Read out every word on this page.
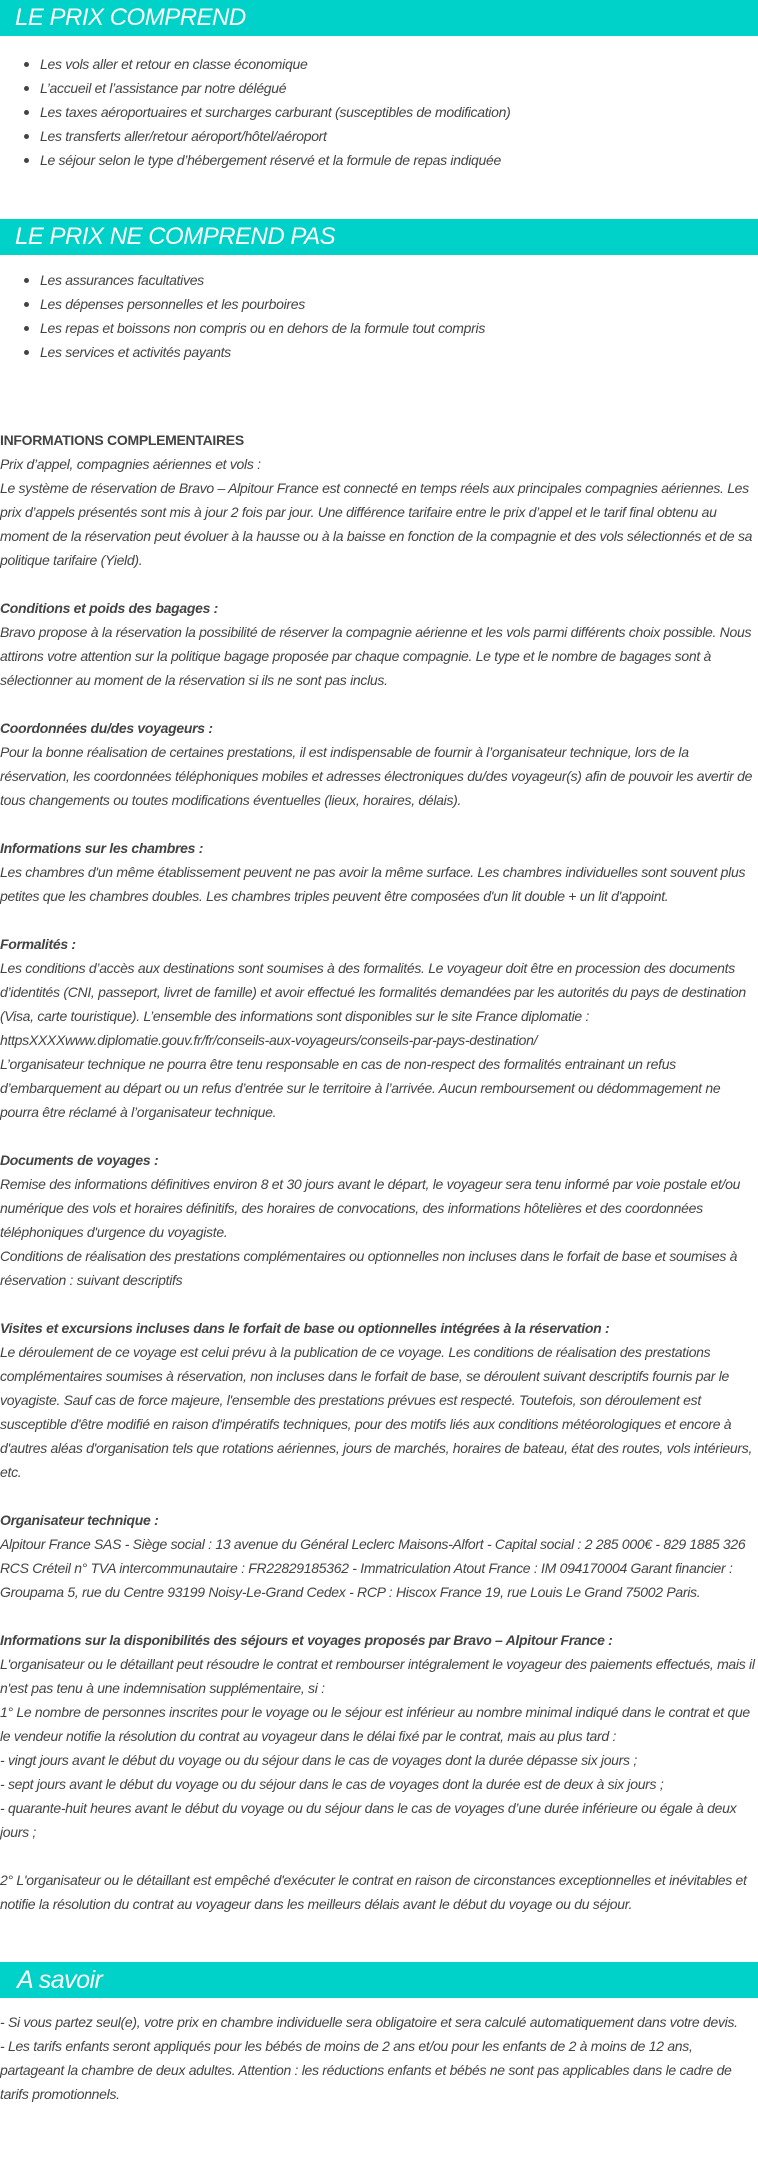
LE PRIX COMPREND
Les vols aller et retour en classe économique
L’accueil et l’assistance par notre délégué
Les taxes aéroportuaires et surcharges carburant (susceptibles de modification)
Les transferts aller/retour aéroport/hôtel/aéroport
Le séjour selon le type d’hébergement réservé et la formule de repas indiquée
LE PRIX NE COMPREND PAS
Les assurances facultatives
Les dépenses personnelles et les pourboires
Les repas et boissons non compris ou en dehors de la formule tout compris
Les services et activités payants

INFORMATIONS COMPLEMENTAIRES

Prix d’appel, compagnies aériennes et vols :

Le système de réservation de Bravo – Alpitour France est connecté en temps réels aux principales compagnies aériennes. Les prix d’appels présentés sont mis à jour 2 fois par jour. Une différence tarifaire entre le prix d’appel et le tarif final obtenu au moment de la réservation peut évoluer à la hausse ou à la baisse en fonction de la compagnie et des vols sélectionnés et de sa politique tarifaire (Yield).

Conditions et poids des bagages :

Bravo propose à la réservation la possibilité de réserver la compagnie aérienne et les vols parmi différents choix possible. Nous attirons votre attention sur la politique bagage proposée par chaque compagnie. Le type et le nombre de bagages sont à sélectionner au moment de la réservation si ils ne sont pas inclus.

Coordonnées du/des voyageurs :

Pour la bonne réalisation de certaines prestations, il est indispensable de fournir à l’organisateur technique, lors de la réservation, les coordonnées téléphoniques mobiles et adresses électroniques du/des voyageur(s) afin de pouvoir les avertir de tous changements ou toutes modifications éventuelles (lieux, horaires, délais).

Informations sur les chambres :

Les chambres d'un même établissement peuvent ne pas avoir la même surface. Les chambres individuelles sont souvent plus petites que les chambres doubles. Les chambres triples peuvent être composées d'un lit double + un lit d'appoint.

Formalités :

Les conditions d’accès aux destinations sont soumises à des formalités. Le voyageur doit être en procession des documents d’identités (CNI, passeport, livret de famille) et avoir effectué les formalités demandées par les autorités du pays de destination (Visa, carte touristique). L’ensemble des informations sont disponibles sur le site France diplomatie :

httpsXXXXwww.diplomatie.gouv.fr/fr/conseils-aux-voyageurs/conseils-par-pays-destination/

L’organisateur technique ne pourra être tenu responsable en cas de non-respect des formalités entrainant un refus d’embarquement au départ ou un refus d’entrée sur le territoire à l’arrivée. Aucun remboursement ou dédommagement ne pourra être réclamé à l’organisateur technique.

Documents de voyages :

Remise des informations définitives environ 8 et 30 jours avant le départ, le voyageur sera tenu informé par voie postale et/ou numérique des vols et horaires définitifs, des horaires de convocations, des informations hôtelières et des coordonnées téléphoniques d'urgence du voyagiste.

Conditions de réalisation des prestations complémentaires ou optionnelles non incluses dans le forfait de base et soumises à réservation : suivant descriptifs

Visites et excursions incluses dans le forfait de base ou optionnelles intégrées à la réservation :

Le déroulement de ce voyage est celui prévu à la publication de ce voyage. Les conditions de réalisation des prestations complémentaires soumises à réservation, non incluses dans le forfait de base, se déroulent suivant descriptifs fournis par le voyagiste. Sauf cas de force majeure, l'ensemble des prestations prévues est respecté. Toutefois, son déroulement est susceptible d'être modifié en raison d'impératifs techniques, pour des motifs liés aux conditions météorologiques et encore à d'autres aléas d'organisation tels que rotations aériennes, jours de marchés, horaires de bateau, état des routes, vols intérieurs, etc.

Organisateur technique :

Alpitour France SAS - Siège social : 13 avenue du Général Leclerc Maisons-Alfort - Capital social : 2 285 000€ - 829 1885 326 RCS Créteil n° TVA intercommunautaire : FR22829185362 - Immatriculation Atout France : IM 094170004 Garant financier : Groupama 5, rue du Centre 93199 Noisy-Le-Grand Cedex - RCP : Hiscox France 19, rue Louis Le Grand 75002 Paris.

Informations sur la disponibilités des séjours et voyages proposés par Bravo – Alpitour France :

L'organisateur ou le détaillant peut résoudre le contrat et rembourser intégralement le voyageur des paiements effectués, mais il n'est pas tenu à une indemnisation supplémentaire, si :

1° Le nombre de personnes inscrites pour le voyage ou le séjour est inférieur au nombre minimal indiqué dans le contrat et que le vendeur notifie la résolution du contrat au voyageur dans le délai fixé par le contrat, mais au plus tard :

- vingt jours avant le début du voyage ou du séjour dans le cas de voyages dont la durée dépasse six jours ;

- sept jours avant le début du voyage ou du séjour dans le cas de voyages dont la durée est de deux à six jours ;

- quarante-huit heures avant le début du voyage ou du séjour dans le cas de voyages d’une durée inférieure ou égale à deux jours ;

2° L'organisateur ou le détaillant est empêché d'exécuter le contrat en raison de circonstances exceptionnelles et inévitables et notifie la résolution du contrat au voyageur dans les meilleurs délais avant le début du voyage ou du séjour.

A savoir

- Si vous partez seul(e), votre prix en chambre individuelle sera obligatoire et sera calculé automatiquement dans votre devis.

- Les tarifs enfants seront appliqués pour les bébés de moins de 2 ans et/ou pour les enfants de 2 à moins de 12 ans, partageant la chambre de deux adultes. Attention : les réductions enfants et bébés ne sont pas applicables dans le cadre de tarifs promotionnels.
